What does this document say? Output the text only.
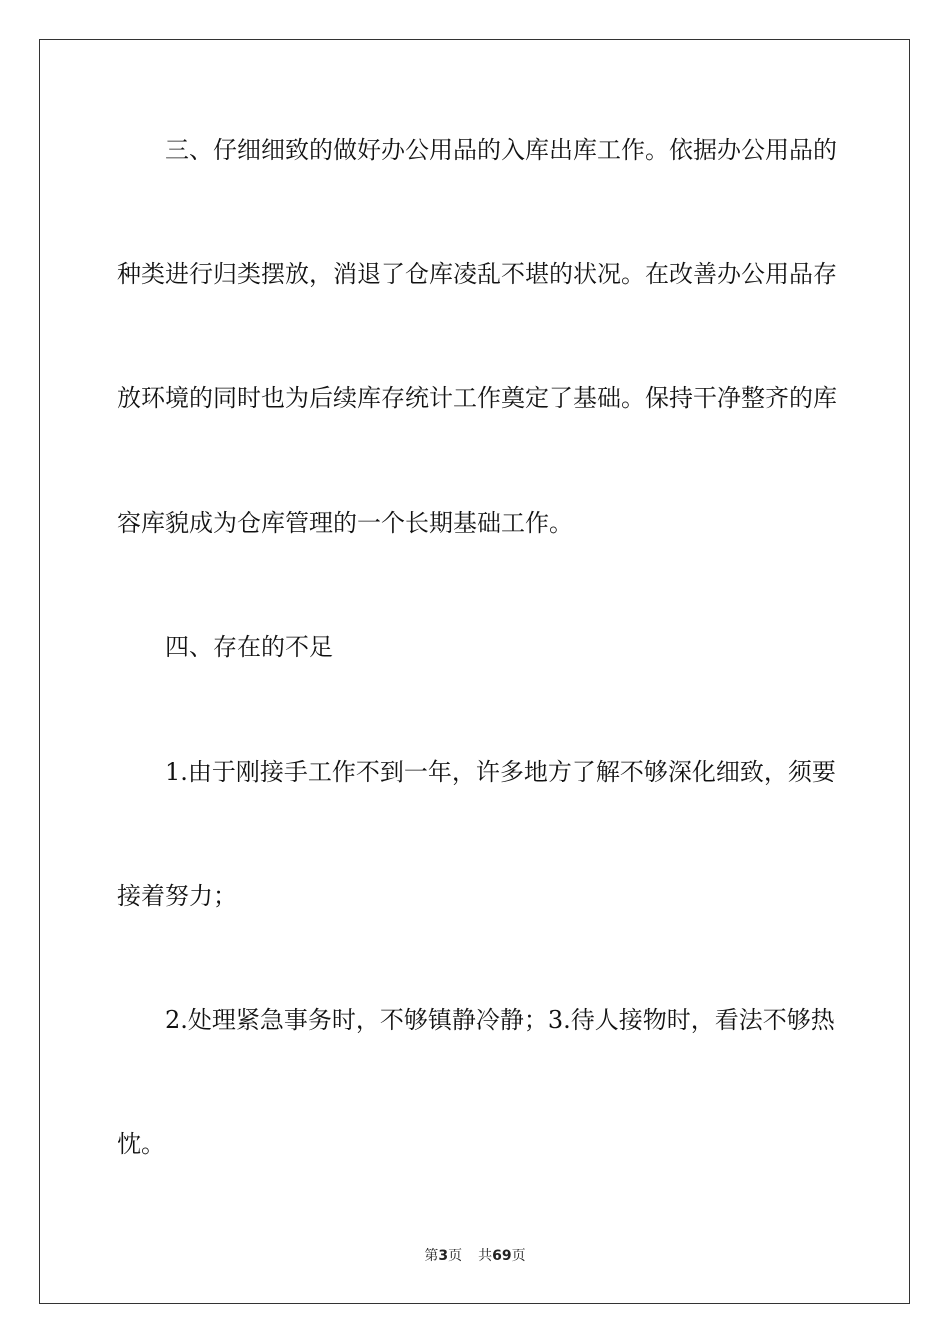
三、仔细细致的做好办公用品的入库出库工作。依据办公用品的
种类进行归类摆放，消退了仓库凌乱不堪的状况。在改善办公用品存
放环境的同时也为后续库存统计工作奠定了基础。保持干净整齐的库
容库貌成为仓库管理的一个长期基础工作。
四、存在的不足
1.由于刚接手工作不到一年，许多地方了解不够深化细致，须要
接着努力；
2.处理紧急事务时，不够镇静冷静；3.待人接物时，看法不够热
忱。
第3页 共69页
